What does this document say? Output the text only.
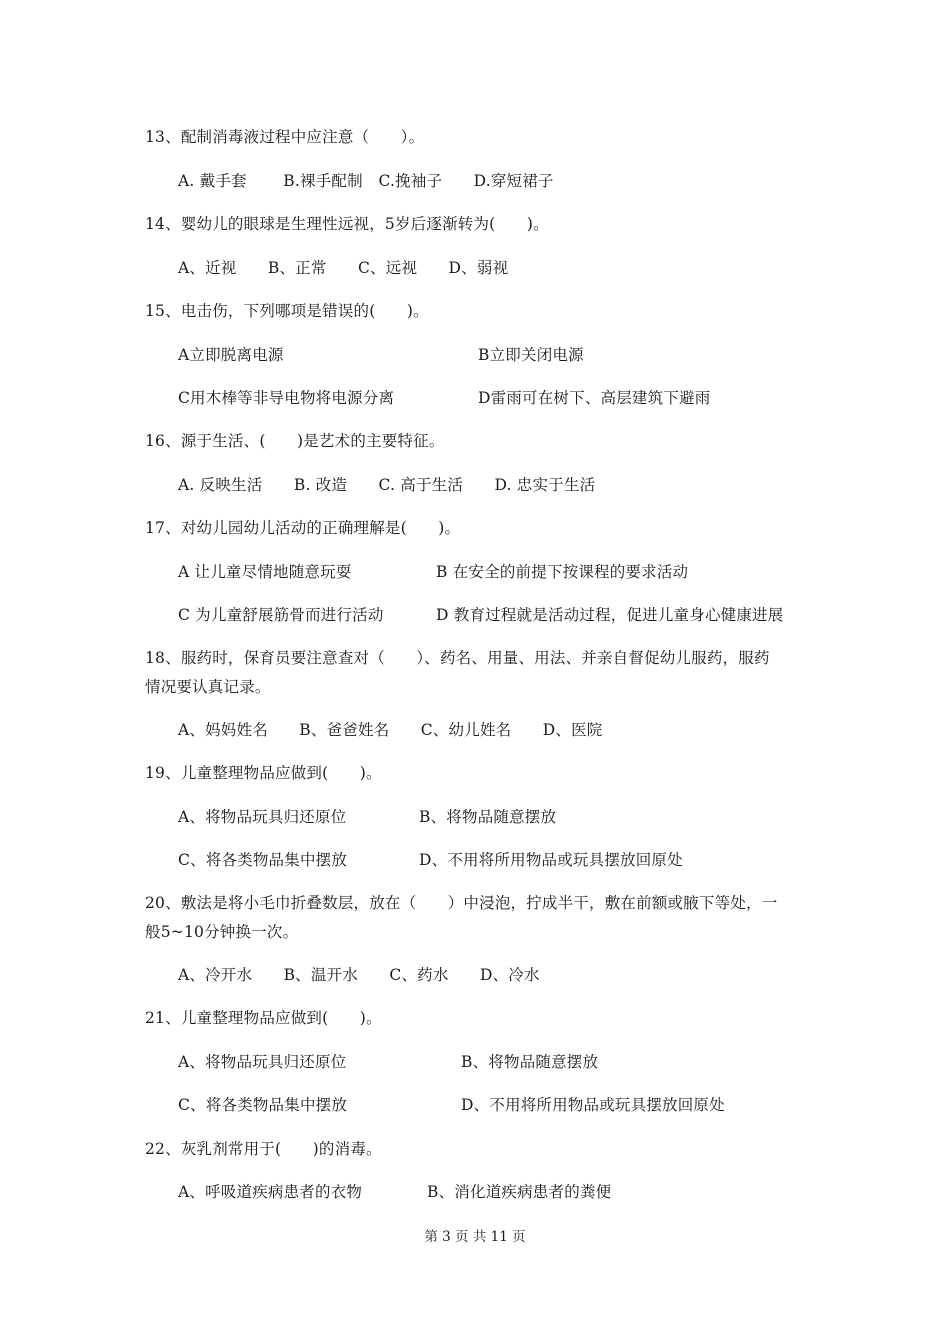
13、配制消毒液过程中应注意（　　）。
A. 戴手套　　 B.裸手配制　C.挽袖子　　D.穿短裙子
14、婴幼儿的眼球是生理性远视，5岁后逐渐转为(　　)。
A、近视　　B、正常　　C、远视　　D、弱视
15、电击伤，下列哪项是错误的(　　)。
A立即脱离电源	B立即关闭电源
C用木棒等非导电物将电源分离	D雷雨可在树下、高层建筑下避雨
16、源于生活、(　　)是艺术的主要特征。
A. 反映生活　　B. 改造　　C. 高于生活　　D. 忠实于生活
17、对幼儿园幼儿活动的正确理解是(　　)。
A 让儿童尽情地随意玩耍	B 在安全的前提下按课程的要求活动
C 为儿童舒展筋骨而进行活动	D 教育过程就是活动过程，促进儿童身心健康进展
18、服药时，保育员要注意查对（　　）、药名、用量、用法、并亲自督促幼儿服药，服药
情况要认真记录。
A、妈妈姓名　　B、爸爸姓名　　C、幼儿姓名　　D、医院
19、儿童整理物品应做到(　　)。
A、将物品玩具归还原位	B、将物品随意摆放
C、将各类物品集中摆放	D、不用将所用物品或玩具摆放回原处
20、敷法是将小毛巾折叠数层，放在（　　）中浸泡，拧成半干，敷在前额或腋下等处，一
般5~10分钟换一次。
A、冷开水　　B、温开水　　C、药水　　D、冷水
21、儿童整理物品应做到(　　)。
A、将物品玩具归还原位	B、将物品随意摆放
C、将各类物品集中摆放	D、不用将所用物品或玩具摆放回原处
22、灰乳剂常用于(　　)的消毒。
A、呼吸道疾病患者的衣物	B、消化道疾病患者的粪便
第 3 页 共 11 页
